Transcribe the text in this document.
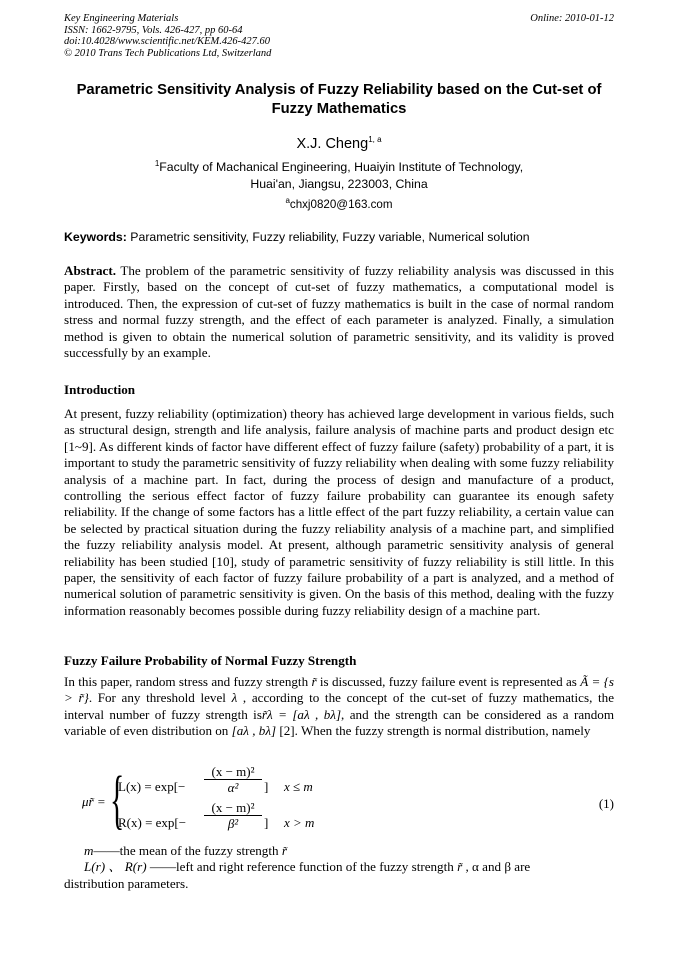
Key Engineering Materials
ISSN: 1662-9795, Vols. 426-427, pp 60-64
doi:10.4028/www.scientific.net/KEM.426-427.60
© 2010 Trans Tech Publications Ltd, Switzerland
Online: 2010-01-12
Parametric Sensitivity Analysis of Fuzzy Reliability based on the Cut-set of Fuzzy Mathematics
X.J. Cheng$^{1, a}$
$^1$Faculty of Machanical Engineering, Huaiyin Institute of Technology,
Huai'an, Jiangsu, 223003, China
$^a$chxj0820@163.com
Keywords: Parametric sensitivity, Fuzzy reliability, Fuzzy variable, Numerical solution
Abstract. The problem of the parametric sensitivity of fuzzy reliability analysis was discussed in this paper. Firstly, based on the concept of cut-set of fuzzy mathematics, a computational model is introduced. Then, the expression of cut-set of fuzzy mathematics is built in the case of normal random stress and normal fuzzy strength, and the effect of each parameter is analyzed. Finally, a simulation method is given to obtain the numerical solution of parametric sensitivity, and its validity is proved successfully by an example.
Introduction
At present, fuzzy reliability (optimization) theory has achieved large development in various fields, such as structural design, strength and life analysis, failure analysis of machine parts and product design etc [1~9]. As different kinds of factor have different effect of fuzzy failure (safety) probability of a part, it is important to study the parametric sensitivity of fuzzy reliability when dealing with some fuzzy reliability analysis of a machine part. In fact, during the process of design and manufacture of a product, controlling the serious effect factor of fuzzy failure probability can guarantee its enough safety reliability. If the change of some factors has a little effect of the part fuzzy reliability, a certain value can be selected by practical situation during the fuzzy reliability analysis of a machine part, and simplified the fuzzy reliability analysis model. At present, although parametric sensitivity analysis of general reliability has been studied [10], study of parametric sensitivity of fuzzy reliability is still little. In this paper, the sensitivity of each factor of fuzzy failure probability of a part is analyzed, and a method of numerical solution of parametric sensitivity is given. On the basis of this method, dealing with the fuzzy information reasonably becomes possible during fuzzy reliability design of a machine part.
Fuzzy Failure Probability of Normal Fuzzy Strength
In this paper, random stress and fuzzy strength r̃ is discussed, fuzzy failure event is represented as Ã = {s > r̃}. For any threshold level λ , according to the concept of the cut-set of fuzzy mathematics, the interval number of fuzzy strength isr̃λ = [aλ , bλ], and the strength can be considered as a random variable of even distribution on [aλ , bλ] [2]. When the fuzzy strength is normal distribution, namely
μr̃ = {
$L(x) = \exp[- \frac{\text{(x − m)²}}{\text{α²}}$ ] x ≤ m
$R(x) = \exp[- \frac{\text{(x − m)²}}{\text{β²}}$ ] x > m
(1)
m——the mean of the fuzzy strength r̃
L(r) 、 R(r) ——left and right reference function of the fuzzy strength r̃ , α and β are
distribution parameters.
